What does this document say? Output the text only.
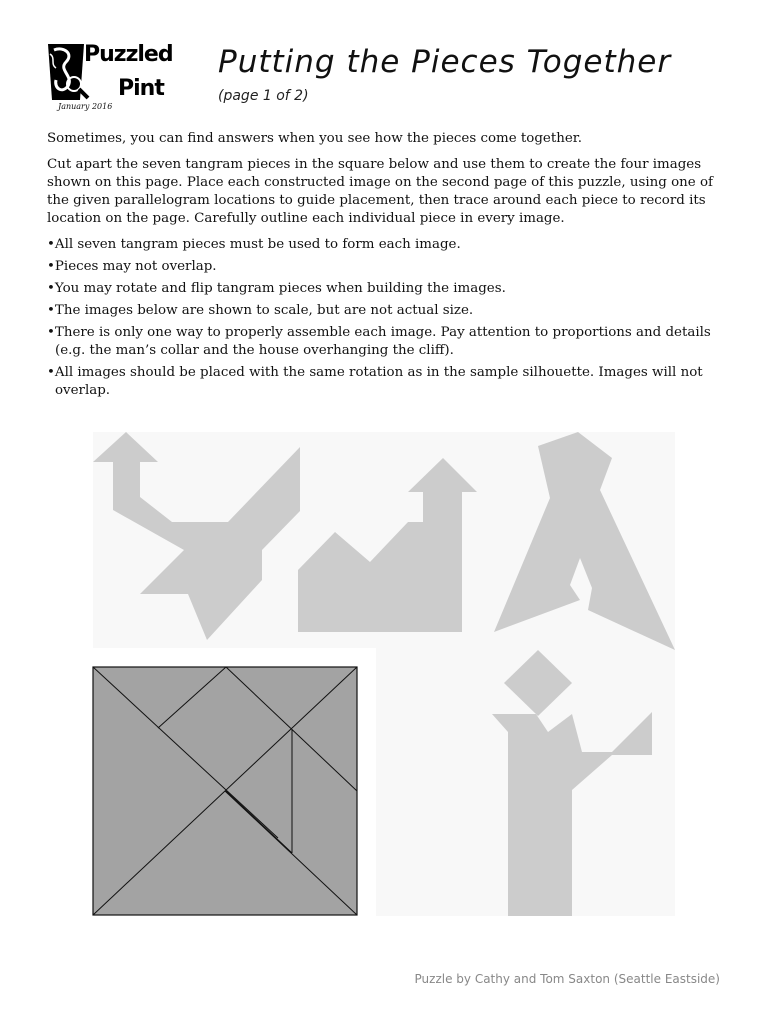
Puzzled
Pint
January 2016
Putting the Pieces Together
(page 1 of 2)

Sometimes, you can find answers when you see how the pieces come together.

Cut apart the seven tangram pieces in the square below and use them to create the four images shown on this page. Place each constructed image on the second page of this puzzle, using one of the given parallelogram locations to guide placement, then trace around each piece to record its location on the page. Carefully outline each individual piece in every image.

• All seven tangram pieces must be used to form each image.
• Pieces may not overlap.
• You may rotate and flip tangram pieces when building the images.
• The images below are shown to scale, but are not actual size.
• There is only one way to properly assemble each image. Pay attention to proportions and details (e.g. the man’s collar and the house overhanging the cliff).
• All images should be placed with the same rotation as in the sample silhouette. Images will not overlap.
Puzzle by Cathy and Tom Saxton (Seattle Eastside)
